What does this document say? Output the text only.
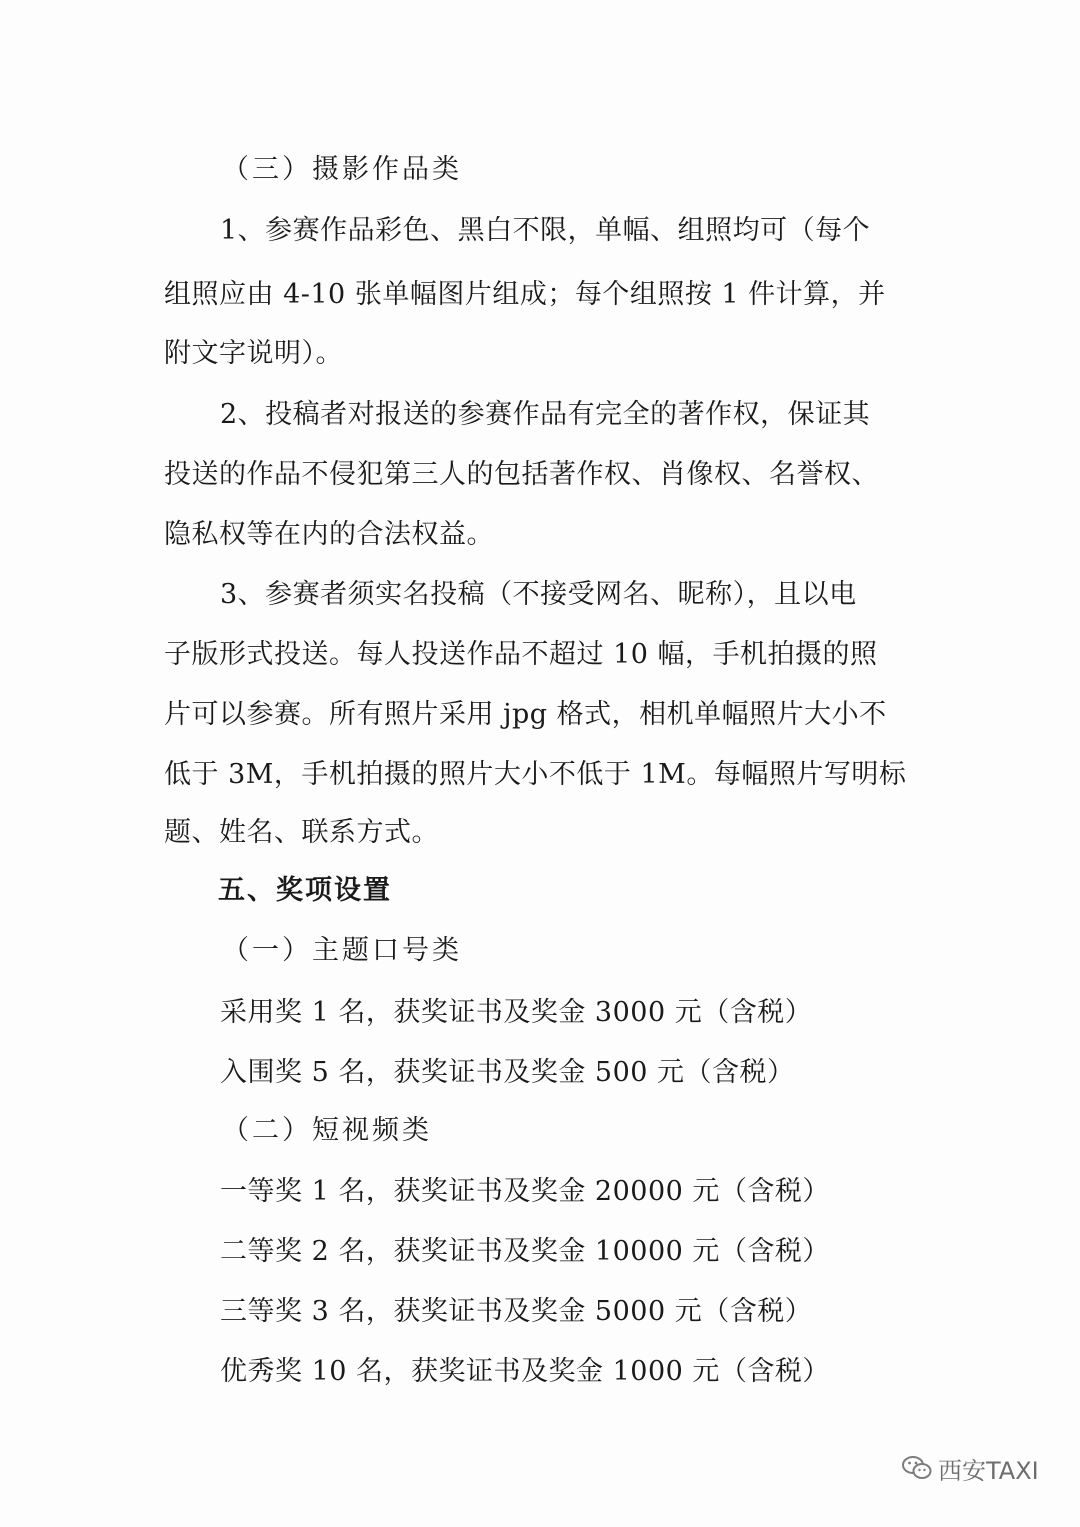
（三）摄影作品类
1、参赛作品彩色、黑白不限，单幅、组照均可（每个
组照应由 4-10 张单幅图片组成；每个组照按 1 件计算，并
附文字说明）。
2、投稿者对报送的参赛作品有完全的著作权，保证其
投送的作品不侵犯第三人的包括著作权、肖像权、名誉权、
隐私权等在内的合法权益。
3、参赛者须实名投稿（不接受网名、昵称），且以电
子版形式投送。每人投送作品不超过 10 幅，手机拍摄的照
片可以参赛。所有照片采用 jpg 格式，相机单幅照片大小不
低于 3M，手机拍摄的照片大小不低于 1M。每幅照片写明标
题、姓名、联系方式。
五、奖项设置
（一）主题口号类
采用奖 1 名，获奖证书及奖金 3000 元（含税）
入围奖 5 名，获奖证书及奖金 500 元（含税）
（二）短视频类
一等奖 1 名，获奖证书及奖金 20000 元（含税）
二等奖 2 名，获奖证书及奖金 10000 元（含税）
三等奖 3 名，获奖证书及奖金 5000 元（含税）
优秀奖 10 名，获奖证书及奖金 1000 元（含税）
西安TAXI
